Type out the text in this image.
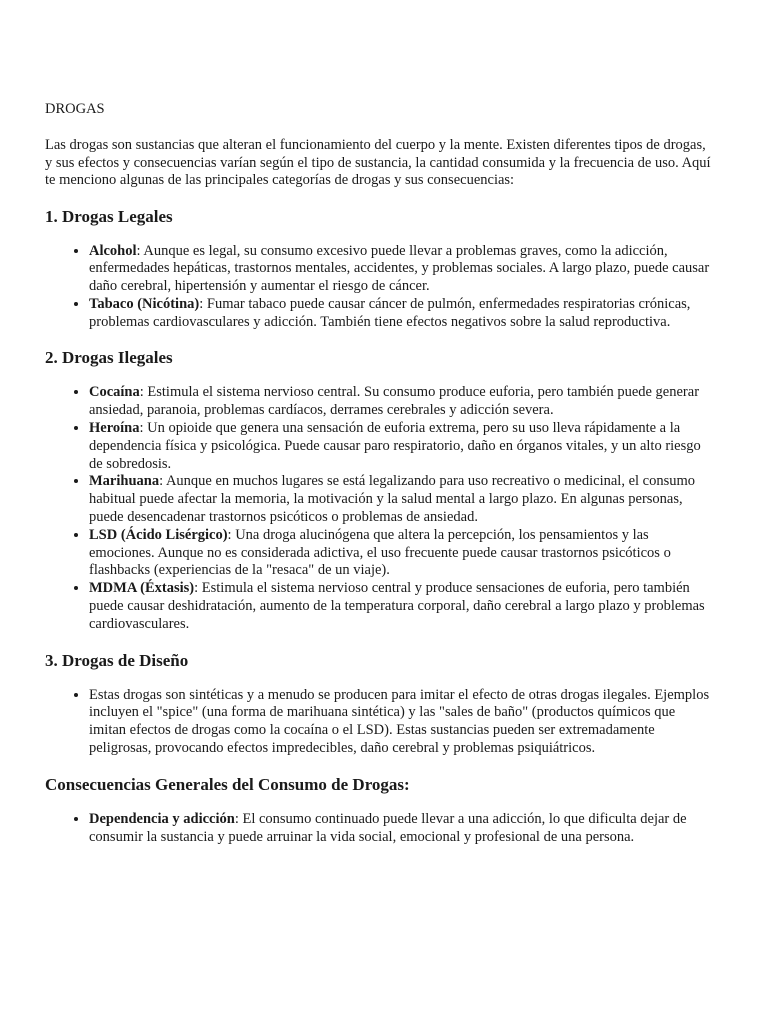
DROGAS

Las drogas son sustancias que alteran el funcionamiento del cuerpo y la mente. Existen diferentes tipos de drogas, y sus efectos y consecuencias varían según el tipo de sustancia, la cantidad consumida y la frecuencia de uso. Aquí te menciono algunas de las principales categorías de drogas y sus consecuencias:

1. Drogas Legales
• Alcohol: Aunque es legal, su consumo excesivo puede llevar a problemas graves, como la adicción, enfermedades hepáticas, trastornos mentales, accidentes, y problemas sociales. A largo plazo, puede causar daño cerebral, hipertensión y aumentar el riesgo de cáncer.
• Tabaco (Nicótina): Fumar tabaco puede causar cáncer de pulmón, enfermedades respiratorias crónicas, problemas cardiovasculares y adicción. También tiene efectos negativos sobre la salud reproductiva.
2. Drogas Ilegales
• Cocaína: Estimula el sistema nervioso central. Su consumo produce euforia, pero también puede generar ansiedad, paranoia, problemas cardíacos, derrames cerebrales y adicción severa.
• Heroína: Un opioide que genera una sensación de euforia extrema, pero su uso lleva rápidamente a la dependencia física y psicológica. Puede causar paro respiratorio, daño en órganos vitales, y un alto riesgo de sobredosis.
• Marihuana: Aunque en muchos lugares se está legalizando para uso recreativo o medicinal, el consumo habitual puede afectar la memoria, la motivación y la salud mental a largo plazo. En algunas personas, puede desencadenar trastornos psicóticos o problemas de ansiedad.
• LSD (Ácido Lisérgico): Una droga alucinógena que altera la percepción, los pensamientos y las emociones. Aunque no es considerada adictiva, el uso frecuente puede causar trastornos psicóticos o flashbacks (experiencias de la "resaca" de un viaje).
• MDMA (Éxtasis): Estimula el sistema nervioso central y produce sensaciones de euforia, pero también puede causar deshidratación, aumento de la temperatura corporal, daño cerebral a largo plazo y problemas cardiovasculares.
3. Drogas de Diseño
• Estas drogas son sintéticas y a menudo se producen para imitar el efecto de otras drogas ilegales. Ejemplos incluyen el "spice" (una forma de marihuana sintética) y las "sales de baño" (productos químicos que imitan efectos de drogas como la cocaína o el LSD). Estas sustancias pueden ser extremadamente peligrosas, provocando efectos impredecibles, daño cerebral y problemas psiquiátricos.
Consecuencias Generales del Consumo de Drogas:
• Dependencia y adicción: El consumo continuado puede llevar a una adicción, lo que dificulta dejar de consumir la sustancia y puede arruinar la vida social, emocional y profesional de una persona.
